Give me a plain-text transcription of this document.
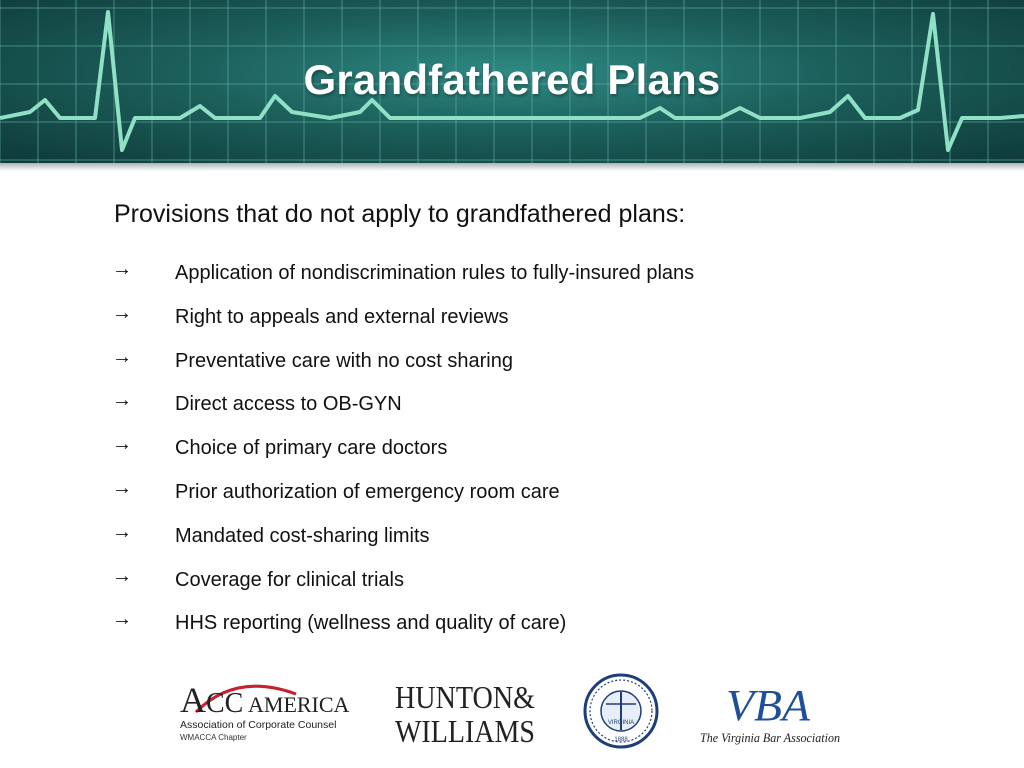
Grandfathered Plans
Provisions that do not apply to grandfathered plans:
→ Application of nondiscrimination rules to fully-insured plans
→ Right to appeals and external reviews
→ Preventative care with no cost sharing
→ Direct access to OB-GYN
→ Choice of primary care doctors
→ Prior authorization of emergency room care
→ Mandated cost-sharing limits
→ Coverage for clinical trials
→ HHS reporting (wellness and quality of care)
A CC AMERICA
Association of Corporate Counsel
WMACCA Chapter
HUNTON&
WILLIAMS	VIRGINIA
1888
VBA
The Virginia Bar Association
